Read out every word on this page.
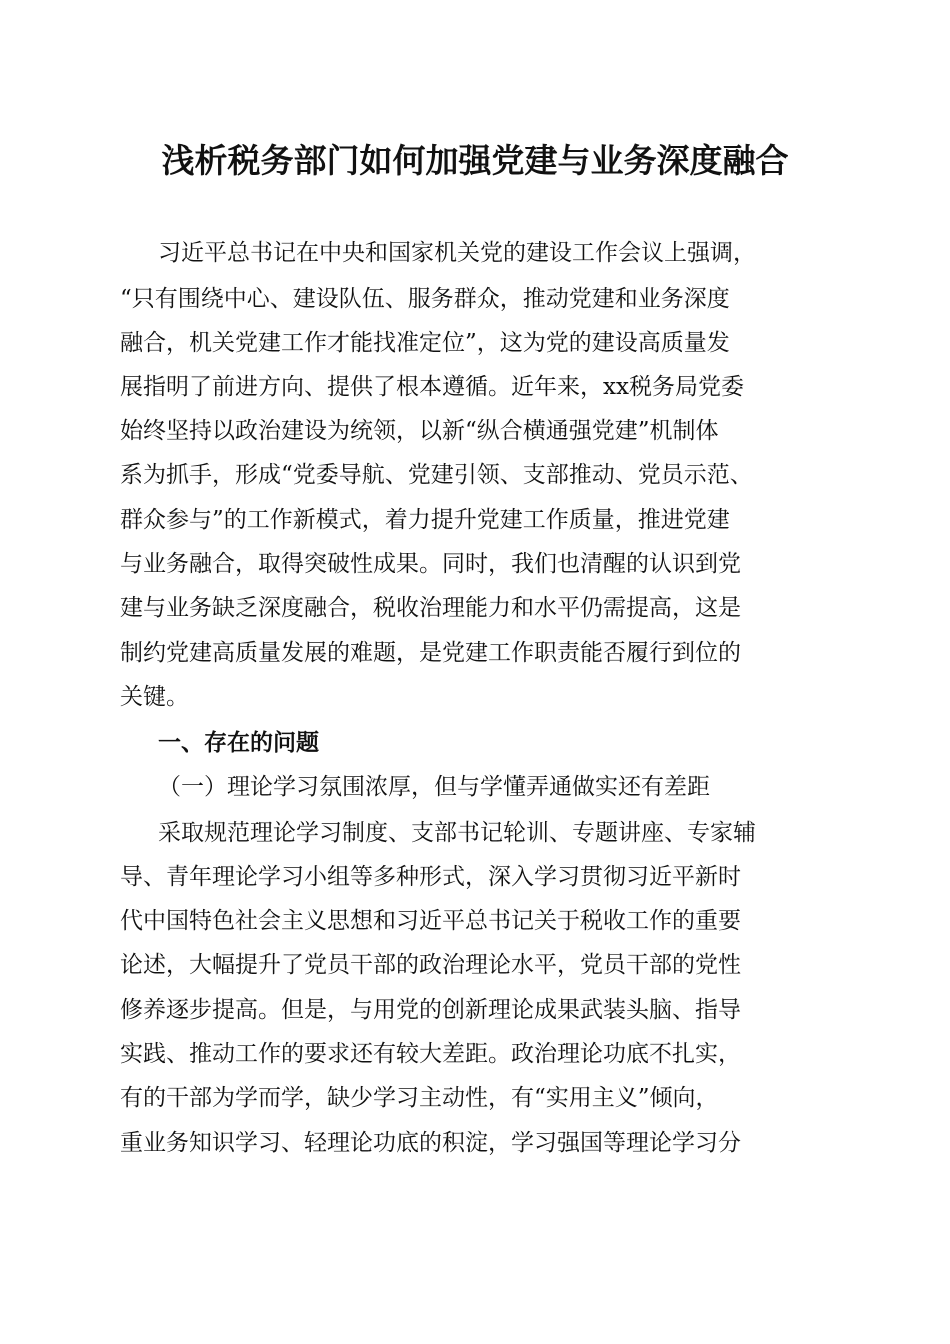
浅析税务部门如何加强党建与业务深度融合
习近平总书记在中央和国家机关党的建设工作会议上强调，
“只有围绕中心、建设队伍、服务群众，推动党建和业务深度
融合，机关党建工作才能找准定位”，这为党的建设高质量发
展指明了前进方向、提供了根本遵循。近年来，xx税务局党委
始终坚持以政治建设为统领，以新“纵合横通强党建”机制体
系为抓手，形成“党委导航、党建引领、支部推动、党员示范、
群众参与”的工作新模式，着力提升党建工作质量，推进党建
与业务融合，取得突破性成果。同时，我们也清醒的认识到党
建与业务缺乏深度融合，税收治理能力和水平仍需提高，这是
制约党建高质量发展的难题，是党建工作职责能否履行到位的
关键。
一、存在的问题
（一）理论学习氛围浓厚，但与学懂弄通做实还有差距
采取规范理论学习制度、支部书记轮训、专题讲座、专家辅
导、青年理论学习小组等多种形式，深入学习贯彻习近平新时
代中国特色社会主义思想和习近平总书记关于税收工作的重要
论述，大幅提升了党员干部的政治理论水平，党员干部的党性
修养逐步提高。但是，与用党的创新理论成果武装头脑、指导
实践、推动工作的要求还有较大差距。政治理论功底不扎实，
有的干部为学而学，缺少学习主动性，有“实用主义”倾向，
重业务知识学习、轻理论功底的积淀，学习强国等理论学习分
